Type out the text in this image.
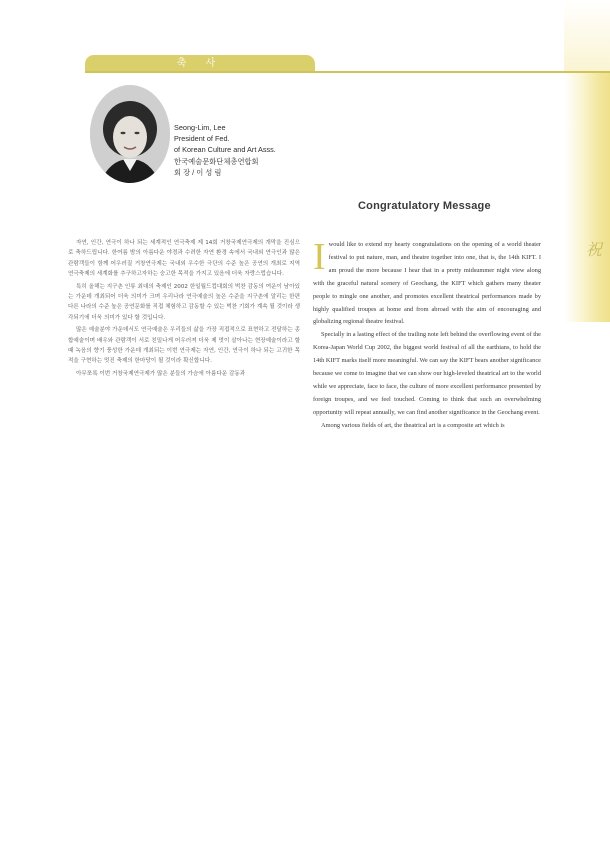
祝
축 사
Seong-Lim, Lee
President of Fed.
of Korean Culture and Art Asss.
한국예술문화단체총연합회
회 장 / 이 성 림
Congratulatory Message

자연, 인간, 연극이 하나 되는 세계적인 연극축제 제 14회 거창국제연극제의 개막을 진심으로 축하드립니다. 한여름 밤의 아름다운 야경과 수려한 자연 환경 속에서 국내외 연극인과 많은 관람객들이 함께 어우러질 거창연극제는 국내외 우수한 극단의 수준 높은 공연의 개최로 지역 연극축제의 세계화를 추구하고자하는 숭고한 목적을 가지고 있음에 더욱 자랑스럽습니다.

특히 올해는 지구촌 인류 최대의 축제인 2002 한일월드컵대회의 벅찬 감동의 여운이 남아있는 가운데 개최되어 더욱 의미가 크며 우리나라 연극예술의 높은 수준을 지구촌에 알리는 한편 다른 나라의 수준 높은 공연문화를 직접 체험하고 감동할 수 있는 벅찬 기회가 계속 될 것이라 생각되기에 더욱 의미가 있다 할 것입니다.

많은 예술분야 가운데서도 연극예술은 우리들의 삶을 가장 직접적으로 표현하고 전달하는 종합예술이며 배우와 관람객이 서로 친밀나게 어우러져 더욱 제 멋이 살아나는 현장예술이라고 할 때 녹음의 향기 풍성한 가운데 개최되는 이번 연극제는 자연, 인간, 연극이 하나 되는 고귀한 목적을 구현하는 멋진 축제의 한마당이 될 것이라 확신합니다.

아무쪼록 이번 거창국제연극제가 많은 분들의 가슴에 아름다운 감동과

Iwould like to extend my hearty congratulations on the opening of a world theater festival to put nature, man, and theatre together into one, that is, the 14th KIFT. I am proud the more because I hear that in a pretty midsummer night view along with the graceful natural scenery of Geochang, the KIFT which gathers many theater people to mingle one another, and promotes excellent theatrical performances made by highly qualified troupes at home and from abroad with the aim of encouraging and globalizing regional theatre festival.

Specially in a lasting effect of the trailing note left behind the overflowing event of the Korea-Japan World Cup 2002, the biggest world festival of all the earthians, to hold the 14th KIFT marks itself more meaningful. We can say the KIFT bears another significance because we come to imagine that we can show our high-leveled theatrical art to the world while we appreciate, face to face, the culture of more excellent performance presented by foreign troupes, and we feel touched. Coming to think that such an overwhelming opportunity will repeat annually, we can find another significance in the Geochang event.

Among various fields of art, the theatrical art is a composite art which is
